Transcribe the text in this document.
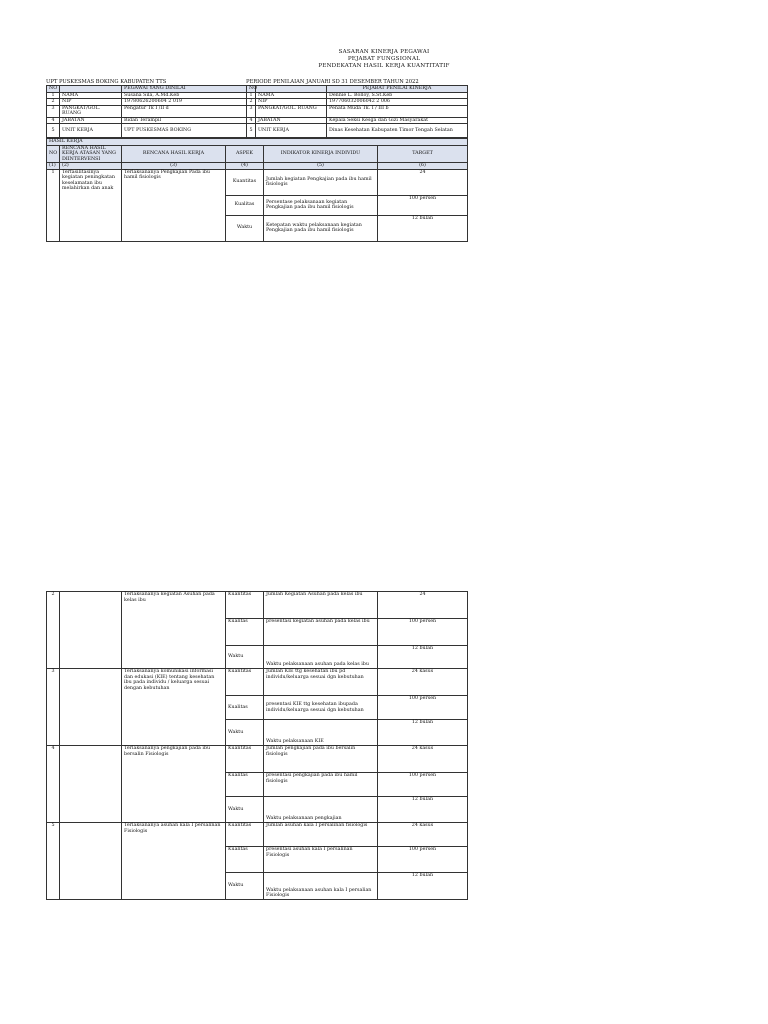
SASARAN KINERJA PEGAWAI
PEJABAT FUNGSIONAL
PENDEKATAN HASIL KERJA KUANTITATIF
UPT PUSKESMAS BOKING KABUPATEN TTS	PERIODE PENILAIAN JANUARI SD 31 DESEMBER TAHUN 2022
NO		PEGAWAI YANG DINILAI	NO		PEJABAT PENILAI KINERJA
1	NAMA	Susana Sila, A.Md.Keb	1	NAMA	Dennie L. Bolloy, S.St.Keb
2	NIP	19780626200604 2 019	2	NIP	197706032006042 2 006
3	PANGKAT/GOL. RUANG	Pengatur Tk I /II d	3	PANGKAT/GOL. RUANG	Penata Muda Tk. I / III b
4	JABATAN	Bidan Terampil	4	JABATAN	Kepala Seksi Kesga dan Gizi Masyarakat
5	UNIT KERJA	UPT PUSKESMAS BOKING	5	UNIT KERJA	Dinas Kesehatan Kabupaten Timor Tengah Selatan
HASIL KERJA					
NO	RENCANA HASIL KERJA ATASAN YANG DIINTERVENSI	RENCANA HASIL KERJA	ASPEK	INDIKATOR KINERJA INDIVIDU	TARGET
(1)	(2)	(3)	(4)	(5)	(6)
1	Terfasilitasinya kegiatan peningkatan keselamatan ibu melahirkan dan anak	Terlaksananya Pengkajian Pada ibu hamil fisiologis	Kuantitas	Jumlah kegiatan Pengkajian pada ibu hamil fisiologis	24
			Kualitas	Persentase pelaksanaan kegiatan Pengkajian pada ibu hamil fisiologis	100 persen
			Waktu	Ketepatan waktu pelaksanaan kegiatan Pengkajian pada ibu hamil fisiologis	12 bulan
2		Terlaksananya kegiatan Asuhan pada kelas ibu	Kuantitas	Jumlah Kegiatan Asuhan pada kelas ibu	24
			Kualitas	presentasi kegiatan asuhan pada kelas ibu	100 persen
			Waktu	Waktu pelaksanaan asuhan pada kelas ibu	12 bulan
3		Terlaksananya komunikasi informasi dan edukasi (KIE) tentang kesehatan ibu pada individu / keluarga sesuai dengan kebutuhan	Kuantitas	Jumlah KIE ttg kesehatan ibu pd individu/keluarga sesuai dgn kebutuhan	24 kasus
			Kualitas	presentasi KIE ttg kesehatan ibupada individu/keluarga sesuai dgn kebutuhan	100 persen
			Waktu	Waktu pelaksanaan KIE	12 bulan
4		Terlaksananya pengkajian pada ibu bersalin Fisiologis	Kuantitas	Jumlah pengkajian pada ibu bersalin fisiologis	24 kasus
			Kualitas	presentasi pengkajian pada ibu hamil fisiologis	100 persen
			Waktu	Waktu pelaksanaan pengkajian	12 bulan
5		Terlaksananya asuhan kala I persalinan Fisiologis	Kuantitas	Jumlah asuhan kala I persalinan fisiologis	24 kasus
			Kualitas	presentasi asuhan kala I persalinan Fisiologis	100 persen
			Waktu	Waktu pelaksanaan asuhan kala I persalian Fisiologis	12 bulan
